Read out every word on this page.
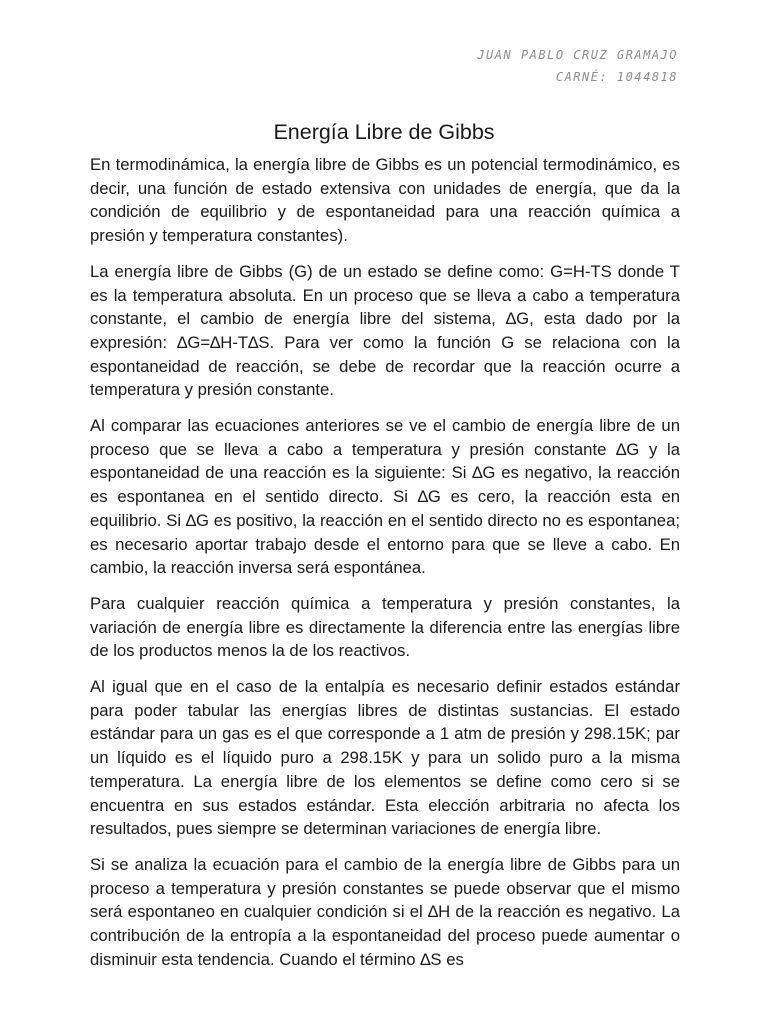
JUAN PABLO CRUZ GRAMAJO
CARNÉ: 1044818
Energía Libre de Gibbs

En termodinámica, la energía libre de Gibbs es un potencial termodinámico, es decir, una función de estado extensiva con unidades de energía, que da la condición de equilibrio y de espontaneidad para una reacción química a presión y temperatura constantes).

La energía libre de Gibbs (G) de un estado se define como: G=H-TS donde T es la temperatura absoluta. En un proceso que se lleva a cabo a temperatura constante, el cambio de energía libre del sistema, ∆G, esta dado por la expresión: ∆G=∆H-T∆S. Para ver como la función G se relaciona con la espontaneidad de reacción, se debe de recordar que la reacción ocurre a temperatura y presión constante.

Al comparar las ecuaciones anteriores se ve el cambio de energía libre de un proceso que se lleva a cabo a temperatura y presión constante ∆G y la espontaneidad de una reacción es la siguiente: Si ∆G es negativo, la reacción es espontanea en el sentido directo. Si ∆G es cero, la reacción esta en equilibrio. Si ∆G es positivo, la reacción en el sentido directo no es espontanea; es necesario aportar trabajo desde el entorno para que se lleve a cabo. En cambio, la reacción inversa será espontánea.

Para cualquier reacción química a temperatura y presión constantes, la variación de energía libre es directamente la diferencia entre las energías libre de los productos menos la de los reactivos.

Al igual que en el caso de la entalpía es necesario definir estados estándar para poder tabular las energías libres de distintas sustancias. El estado estándar para un gas es el que corresponde a 1 atm de presión y 298.15K; par un líquido es el líquido puro a 298.15K y para un solido puro a la misma temperatura. La energía libre de los elementos se define como cero si se encuentra en sus estados estándar. Esta elección arbitraria no afecta los resultados, pues siempre se determinan variaciones de energía libre.

Si se analiza la ecuación para el cambio de la energía libre de Gibbs para un proceso a temperatura y presión constantes se puede observar que el mismo será espontaneo en cualquier condición si el ∆H de la reacción es negativo. La contribución de la entropía a la espontaneidad del proceso puede aumentar o disminuir esta tendencia. Cuando el término ∆S es
